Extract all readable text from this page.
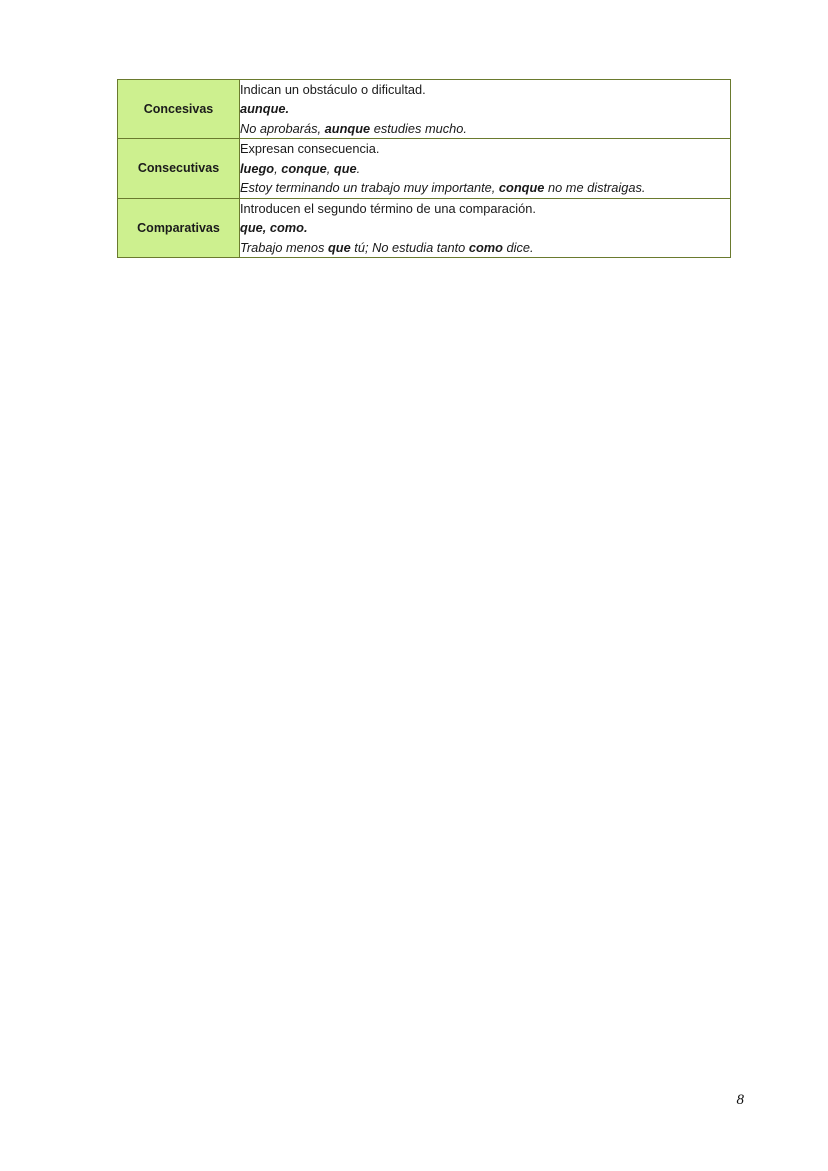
Concesivas	Indican un obstáculo o dificultad.
aunque.
No aprobarás, aunque estudies mucho.

Consecutivas	Expresan consecuencia.
luego, conque, que.
Estoy terminando un trabajo muy importante, conque no me distraigas.

Comparativas	Introducen el segundo término de una comparación.
que, como.
Trabajo menos que tú; No estudia tanto como dice.
8
